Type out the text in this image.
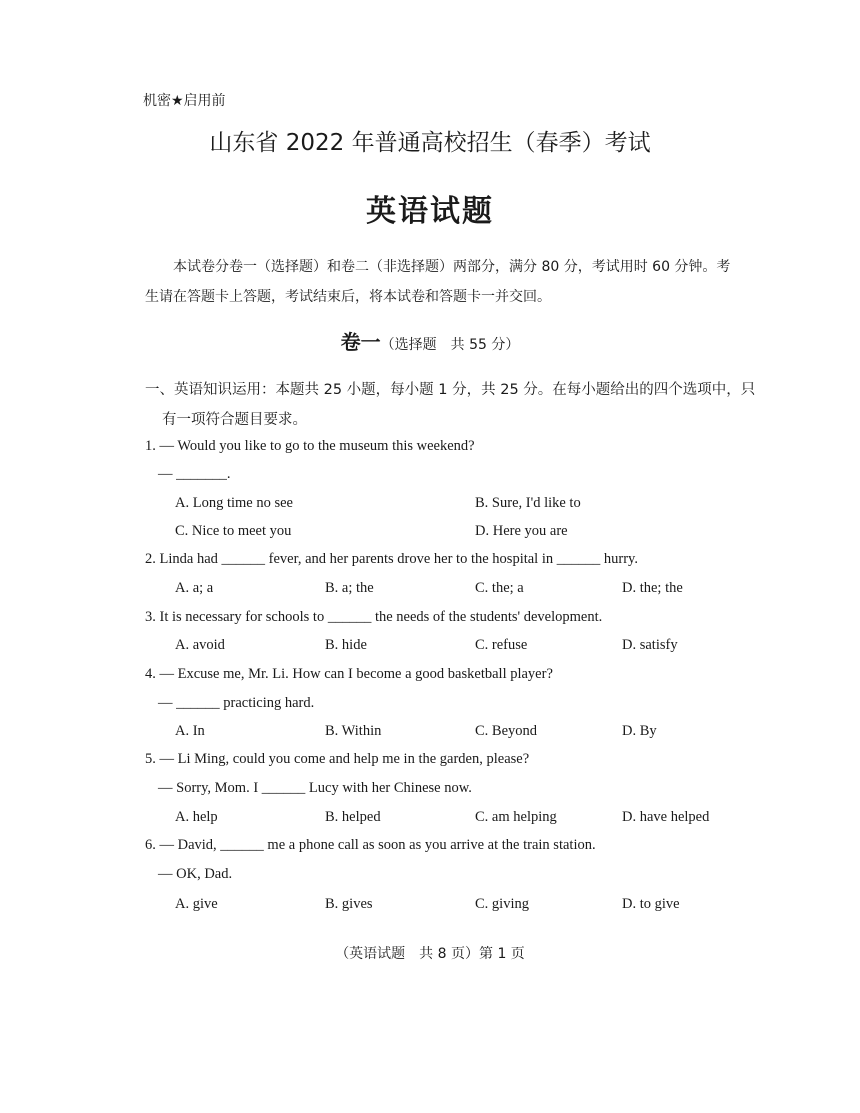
机密★启用前
山东省 2022 年普通高校招生（春季）考试
英语试题
本试卷分卷一（选择题）和卷二（非选择题）两部分，满分 80 分，考试用时 60 分钟。考
生请在答题卡上答题，考试结束后，将本试卷和答题卡一并交回。
卷一（选择题　共 55 分）
一、英语知识运用：本题共 25 小题，每小题 1 分，共 25 分。在每小题给出的四个选项中，只
有一项符合题目要求。
1. — Would you like to go to the museum this weekend?
— _______.
A. Long time no see	B. Sure, I'd like to
C. Nice to meet you	D. Here you are
2. Linda had ______ fever, and her parents drove her to the hospital in ______ hurry.
A. a; a	B. a; the	C. the; a	D. the; the
3. It is necessary for schools to ______ the needs of the students' development.
A. avoid	B. hide	C. refuse	D. satisfy
4. — Excuse me, Mr. Li. How can I become a good basketball player?
— ______ practicing hard.
A. In	B. Within	C. Beyond	D. By
5. — Li Ming, could you come and help me in the garden, please?
— Sorry, Mom. I ______ Lucy with her Chinese now.
A. help	B. helped	C. am helping	D. have helped
6. — David, ______ me a phone call as soon as you arrive at the train station.
— OK, Dad.
A. give	B. gives	C. giving	D. to give
（英语试题　共 8 页）第 1 页
